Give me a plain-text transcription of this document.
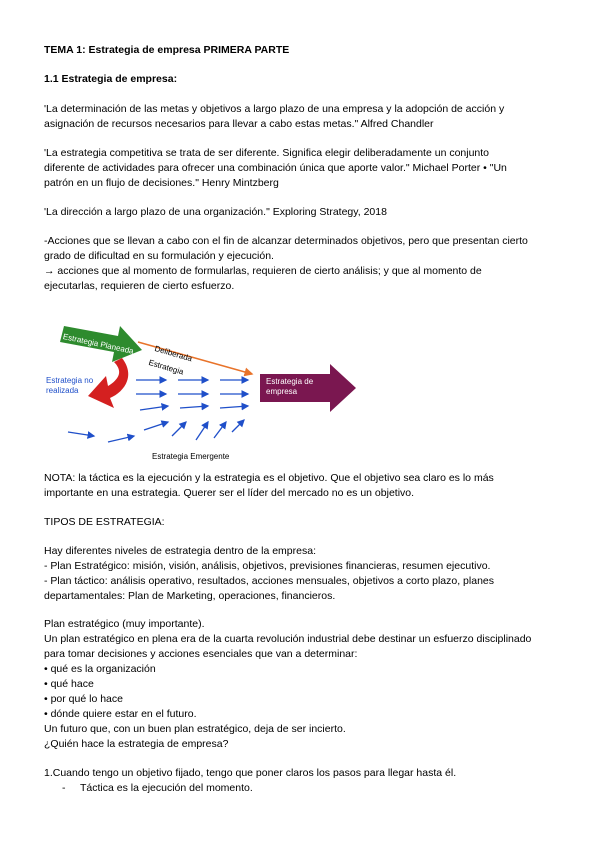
TEMA 1: Estrategia de empresa PRIMERA PARTE
1.1 Estrategia de empresa:
'La determinación de las metas y objetivos a largo plazo de una empresa y la adopción de acción y
asignación de recursos necesarios para llevar a cabo estas metas." Alfred Chandler
'La estrategia competitiva se trata de ser diferente. Significa elegir deliberadamente un conjunto
diferente de actividades para ofrecer una combinación única que aporte valor." Michael Porter • "Un
patrón en un flujo de decisiones." Henry Mintzberg
'La dirección a largo plazo de una organización." Exploring Strategy, 2018
-Acciones que se llevan a cabo con el fin de alcanzar determinados objetivos, pero que presentan cierto
grado de dificultad en su formulación y ejecución.
→ acciones que al momento de formularlas, requieren de cierto análisis; y que al momento de
ejecutarlas, requieren de cierto esfuerzo.
Estrategia Planeada Deliberada
Estrategia
Estrategia no
realizada
Estrategia de
empresa
Estrategia Emergente
NOTA: la táctica es la ejecución y la estrategia es el objetivo. Que el objetivo sea claro es lo más
importante en una estrategia. Querer ser el líder del mercado no es un objetivo.
TIPOS DE ESTRATEGIA:
Hay diferentes niveles de estrategia dentro de la empresa:
- Plan Estratégico: misión, visión, análisis, objetivos, previsiones financieras, resumen ejecutivo.
- Plan táctico: análisis operativo, resultados, acciones mensuales, objetivos a corto plazo, planes
departamentales: Plan de Marketing, operaciones, financieros.
Plan estratégico (muy importante).
Un plan estratégico en plena era de la cuarta revolución industrial debe destinar un esfuerzo disciplinado
para tomar decisiones y acciones esenciales que van a determinar:
• qué es la organización
• qué hace
• por qué lo hace
• dónde quiere estar en el futuro.
Un futuro que, con un buen plan estratégico, deja de ser incierto.
¿Quién hace la estrategia de empresa?
1.Cuando tengo un objetivo fijado, tengo que poner claros los pasos para llegar hasta él.
- Táctica es la ejecución del momento.
